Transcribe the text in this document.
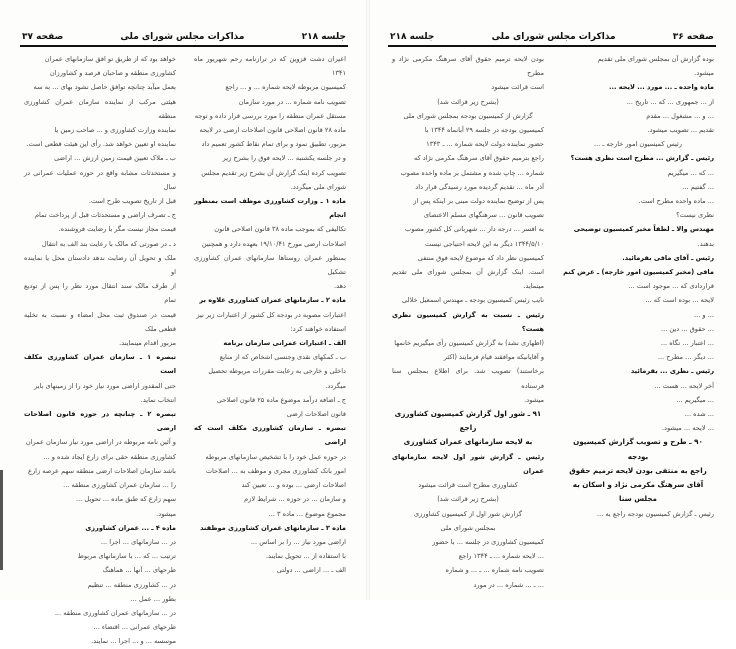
جلسه ۲۱۸
مذاکرات مجلس شورای ملی
صفحه ۳۷

اعیران دشت قزوین که در ترازنامه رحم شهریور ماه ۱۳۴۱

کمیسیون مربوطه لایحه شماره ... و ... راجع

تصویب نامه شماره ... در مورد سازمان

مستقل عمران منطقه را مورد بررسی قرار داده و توجه

ماده ۲۸ قانون اصلاحی قانون اصلاحات ارضی در لایحه

مزبور، تطبیق نمود و برای تمام نقاط کشور تعمیم داد

و در جلسه یکشنبه ... لایحه فوق را بشرح زیر

تصویب کرده اینک گزارش آن بشرح زیر تقدیم مجلس

شورای ملی میگردد.

ماده ۱ ـ وزارت کشاورزی موظف است بمنظور انجام

تکالیفی که بموجب ماده ۳۸ قانون اصلاحی قانون

اصلاحات ارضی مورخ ۱۹/۱۰/۴۱ بعهده دارد و همچنین

بمنظور عمران روستاها سازمانهای عمران کشاورزی تشکیل

دهد.

ماده ۲ ـ سازمانهای عمران کشاورزی علاوه بر

اعتبارات مصوبه در بودجه کل کشور از اعتبارات زیر نیز

استفاده خواهند کرد:

الف ـ اعتبارات عمرانی سازمان برنامه

ب ـ کمکهای نقدی وجنسی اشخاص که از منابع

داخلی و خارجی به رعایت مقررات مربوطه تحصیل

میگردد.

ج ـ اضافه درآمد موضوع ماده ۲۵ قانون اصلاحی

قانون اصلاحات ارضی

تبصره ـ سازمان کشاورزی مکلف است که اراضی

در حوزه عمل خود را با تشخیص سازمانهای مربوطه

امور بانک کشاورزی مجری و موظف به ... اصلاحات

اصلاحات ارضی ... بوده و ... تعیین کند

و سازمان ... در حوزه ... شرایط لازم

مجموع موضوع ... ماده ۳ ...

ماده ۳ ـ سازمانهای عمران کشاورزی موظفند

اراضی مورد نیاز ... را بر اساس ...

با استفاده از ... تحویل نمایند.

الف ـ ... اراضی ... دولتی

خواهد بود که از طریق تو افق سازمانهای عمران

کشاورزی منطقه و صاحبان فرصد و کشاورزان

بعمل میآید چنانچه توافق حاصل نشود بهای ... به سه

هیئتی مرکب از نماینده سازمان عمران کشاورزی منطقه

نماینده وزارت کشاورزی و ... صاحب زمین یا

نماینده او تعیین خواهد شد. رأی این هیئت قطعی است.

ب ـ ملاک تعیین قیمت زمین ارزش ... اراضی

و مستحدثات مشابه واقع در حوزه عملیات عمرانی در سال

قبل از تاریخ تصویب طرح است.

ج ـ تصرف اراضی و مستحدثات قبل از پرداخت تمام

قیمت مجاز نیست مگر با رضایت فروشنده.

د ـ در صورتی که مالک با رعایت بند الف به انتقال

ملک و تحویل آن رضایت ندهد دادستان محل یا نماینده او

از طرف مالک سند انتقال مورد نظر را پس از تودیع تمام

قیمت در صندوق ثبت محل امضاء و نسبت به تخلیه قطعی ملک

مزبور اقدام مینمایند.

تبصره ۱ ـ سازمان عمران کشاورزی مکلف است

حتی المقدور اراضی مورد نیاز خود را از زمینهای بایر

انتخاب نماید.

تبصره ۲ ـ چنانچه در حوزه قانون اصلاحات ارضی

و آئین نامه مربوطه در اراضی مورد نیاز سازمان عمران

کشاورزی منطقه حقی برای زارع ایجاد شده و ...

باشد سازمان اصلاحات ارضی منطقه سهم عرصه زارع

را ... سازمان عمران کشاورزی منطقه ...

سهم زارع که طبق ماده ... تحویل ...

میشود.

ماده ۴ ـ ... عمران کشاورزی

در ... سازمانهای ... اجرا ...

ترتیب ... که ... با سازمانهای مربوط

طرحهای ... آنها ... هماهنگ

در ... کشاورزی منطقه ... تنظیم

بطور ... عمل ...

در ... سازمانهای عمران کشاورزی منطقه ...

طرحهای عمرانی ... اقتضاء ...

موسسه ... و ... اجرا ... نمایند.

صفحه ۳۶
مذاکرات مجلس شورای ملی
جلسه ۲۱۸

بوده گزارش آن بمجلس شورای ملی تقدیم

میشود.

ماده واحده ـ ... مورد ... لایحه ...

از ... جمهوری ... که ... تاریخ ...

... و ... مشغول ... مقدم

تقدیم ... تصویب میشود.

رئیس کمیسیون امور خارجه ـ ...

رئیس ـ گزارش ... مطرح است نظری هست؟

... که ... میگیریم

... گفتیم ...

... ماده واحده مطرح است.

نظری نیست؟

مهندس والا ـ لطفاً مخبر کمیسیون توضیحی

بدهند.

رئیس ـ آقای مافی بفرمائید.

مافی (مخبر کمیسیون امور خارجه) ـ عرض کنم

قراردادی که ... موجود است ...

لایحه ... بوده است که ...

... و ...

... حقوق ... دین ...

... اعتبار ... نگاه ...

... دیگر ... مطرح ...

رئیس ـ نظری ... بفرمائید

آخر لایحه ... هست ...

... میگیریم ...

... شده ...

... لایحه ... میشود.

۹۰ ـ طرح و تصویب گزارش کمیسیون بودجه

راجع به منتفی بودن لایحه ترمیم حقوق

آقای سرهنگ مکرمی نژاد و اسکان به

مجلس سنا

رئیس ـ گزارش کمیسیون بودجه راجع به ...

بودن لایحه ترمیم حقوق آقای سرهنگ مکرمی نژاد و مطرح

است قرائت میشود

(بشرح زیر قرائت شد)

گزارش از کمیسیون بودجه بمجلس شورای ملی

کمیسیون بودجه در جلسه ۲۹ آبانماه ۱۳۴۴ با

حضور نماینده دولت لایحه شماره ... ـ ۱۳۴۳

راجع بترمیم حقوق آقای سرهنگ مکرمی نژاد که

شماره ... چاپ شده و مشتمل بر ماده واحده مصوب

آذر ماه ... تقدیم گردیده مورد رسیدگی قرار داد

پس از توضیح نماینده دولت مبنی بر اینکه پس از

تصویب قانون ... سرهنگهای مسلم الاعتصای

به افسر ... درجه دار ... شهربانی کل کشور مصوب

۱۳۴۴/۵/۱۰ دیگر به این لایحه احتیاجی نیست

کمیسیون نظر داد که موضوع لایحه فوق منتفی

است. اینک گزارش آن بمجلس شورای ملی تقدیم مینماید.

نایب رئیس کمیسیون بودجه ـ مهندس اسمعیل خلالی

رئیس ـ نسبت به گزارش کمیسیون نظری هست؟

(اظهاری نشد) به گزارش کمیسیون رأی میگیریم خانمها

و آقایانیکه موافقند قیام فرمایند (اکثر

برخاستند) تصویب شد. برای اطلاع بمجلس سنا فرستاده

میشود.

۹۱ ـ شور اول گزارش کمیسیون کشاورزی راجع

به لایحه سازمانهای عمران کشاورزی

رئیس ـ گزارش شور اول لایحه سازمانهای عمران

کشاورزی مطرح است قرائت میشود

(بشرح زیر قرائت شد)

گزارش شور اول از کمیسیون کشاورزی

بمجلس شورای ملی

کمیسیون کشاورزی در جلسه ... با حضور

... لایحه شماره ... ـ ۱۳۴۴ راجع

تصویب نامه شماره ... ـ ... و شماره

... ـ ... شماره ... در مورد
